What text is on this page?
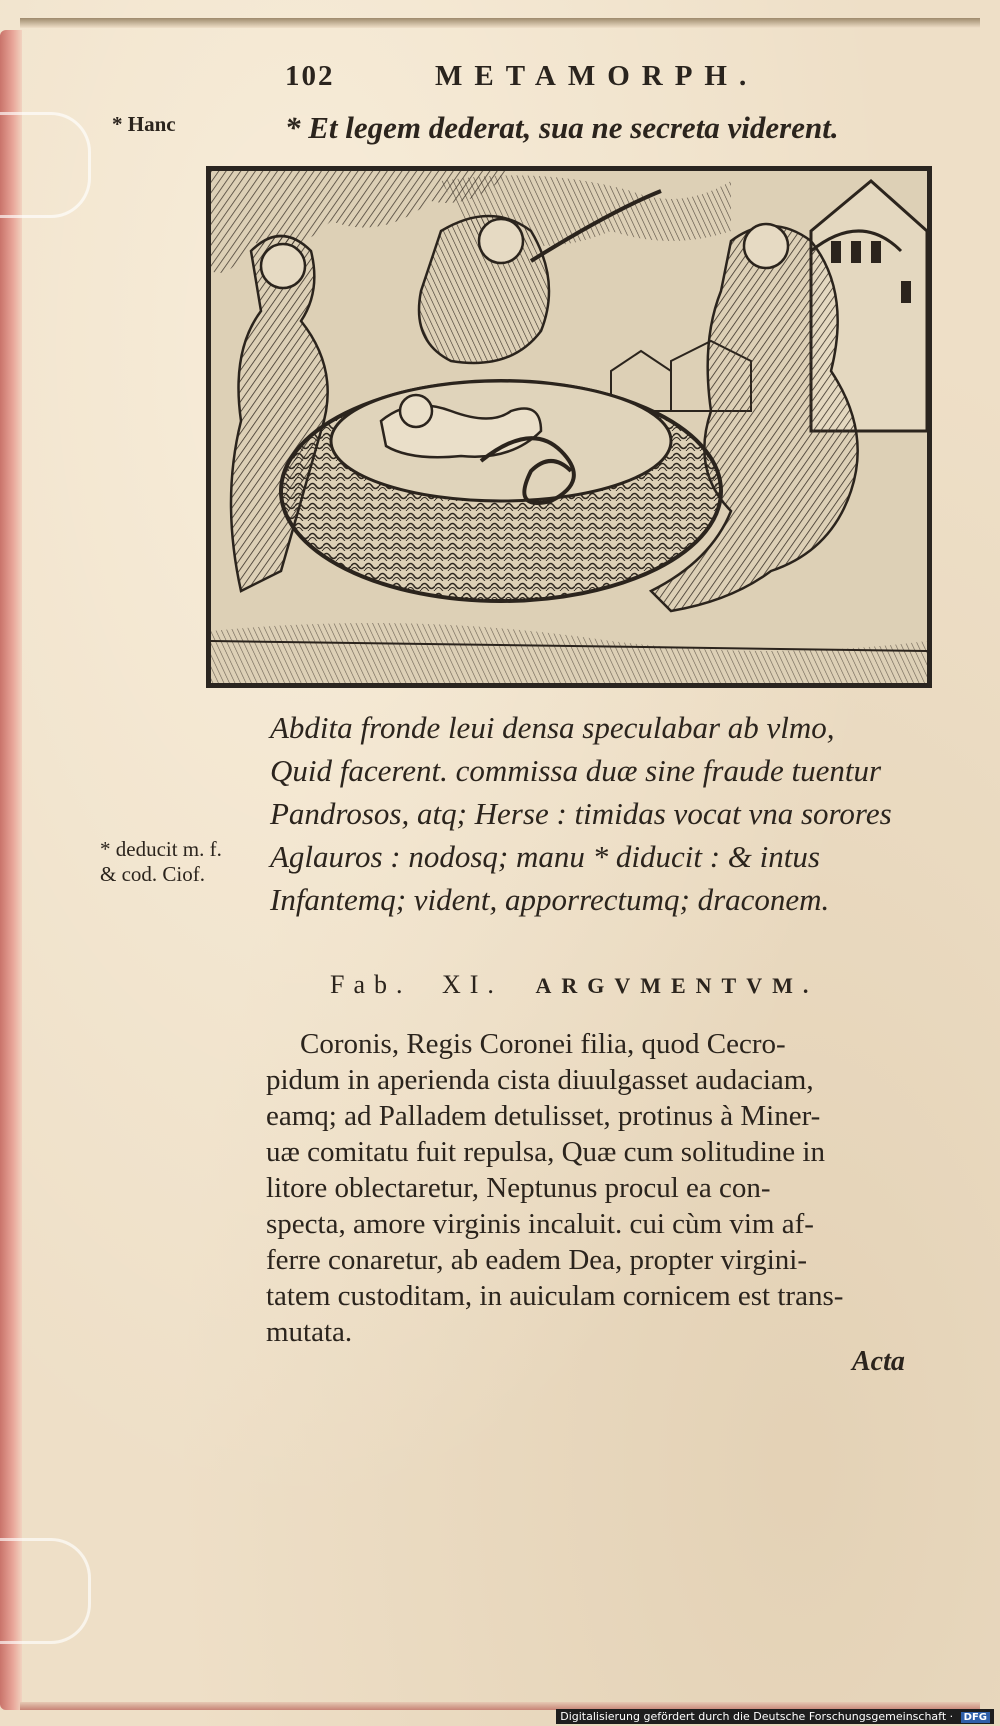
102	METAMORPH.
* Hanc	* Et legem dederat, sua ne secreta viderent.
Abdita fronde leui densa speculabar ab vlmo,
Quid facerent. commissa duæ sine fraude tuentur
Pandrosos, atq; Herse : timidas vocat vna sorores
Aglauros : nodosq; manu * diducit : & intus
Infantemq; vident, apporrectumq; draconem.
* deducit m. f.
& cod. Ciof.
Fab. XI. ARGVMENTVM.
Coronis, Regis Coronei filia, quod Cecro-
pidum in aperienda cista diuulgasset audaciam,
eamq; ad Palladem detulisset, protinus à Miner-
uæ comitatu fuit repulsa, Quæ cum solitudine in
litore oblectaretur, Neptunus procul ea con-
specta, amore virginis incaluit. cui cùm vim af-
ferre conaretur, ab eadem Dea, propter virgini-
tatem custoditam, in auiculam cornicem est trans-
mutata.
Acta
Digitalisierung gefördert durch die Deutsche Forschungsgemeinschaft · DFG
